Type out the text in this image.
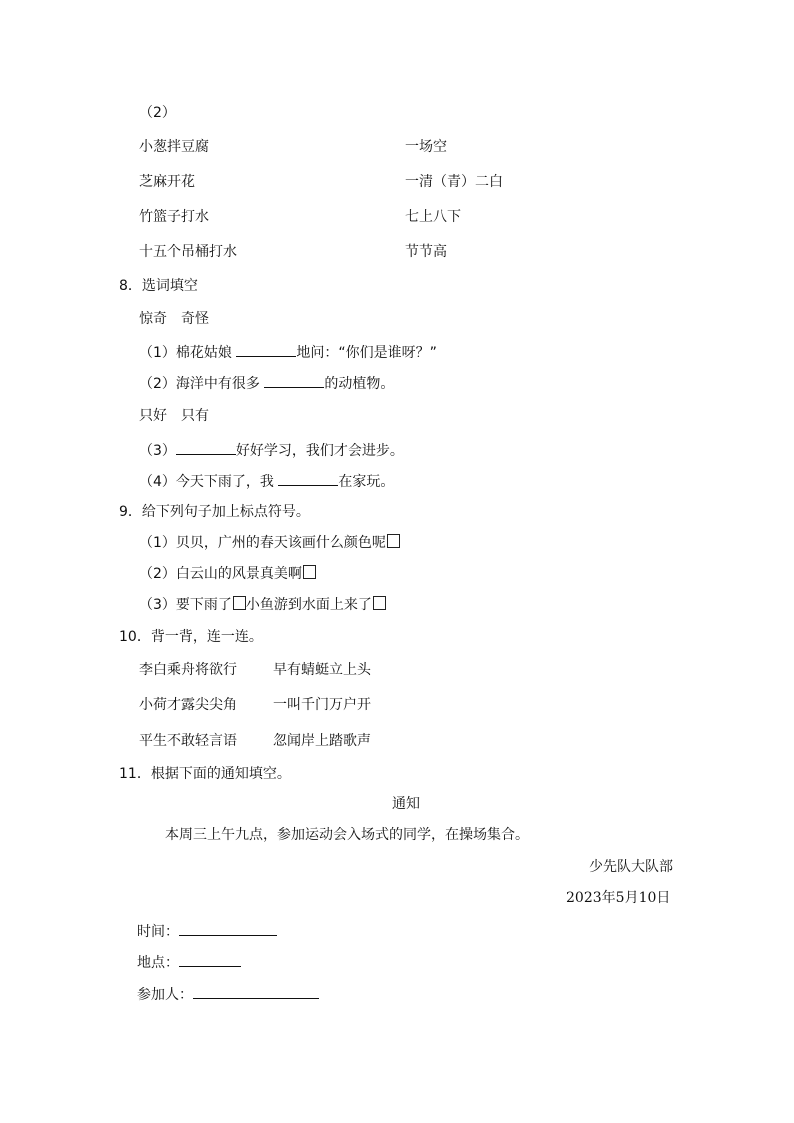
（2）
小葱拌豆腐	一场空
芝麻开花	一清（青）二白
竹篮子打水	七上八下
十五个吊桶打水	节节高
8．选词填空
惊奇　奇怪
（1）棉花姑娘	地问：“你们是谁呀？”
（2）海洋中有很多	的动植物。
只好　只有
（3）	好好学习，我们才会进步。
（4）今天下雨了，我	在家玩。
9．给下列句子加上标点符号。
（1）贝贝，广州的春天该画什么颜色呢
（2）白云山的风景真美啊
（3）要下雨了 小鱼游到水面上来了
10．背一背，连一连。
李白乘舟将欲行	早有蜻蜓立上头
小荷才露尖尖角	一叫千门万户开
平生不敢轻言语	忽闻岸上踏歌声
11．根据下面的通知填空。
通知
本周三上午九点，参加运动会入场式的同学，在操场集合。
少先队大队部
2023年5月10日
时间：
地点：
参加人：
